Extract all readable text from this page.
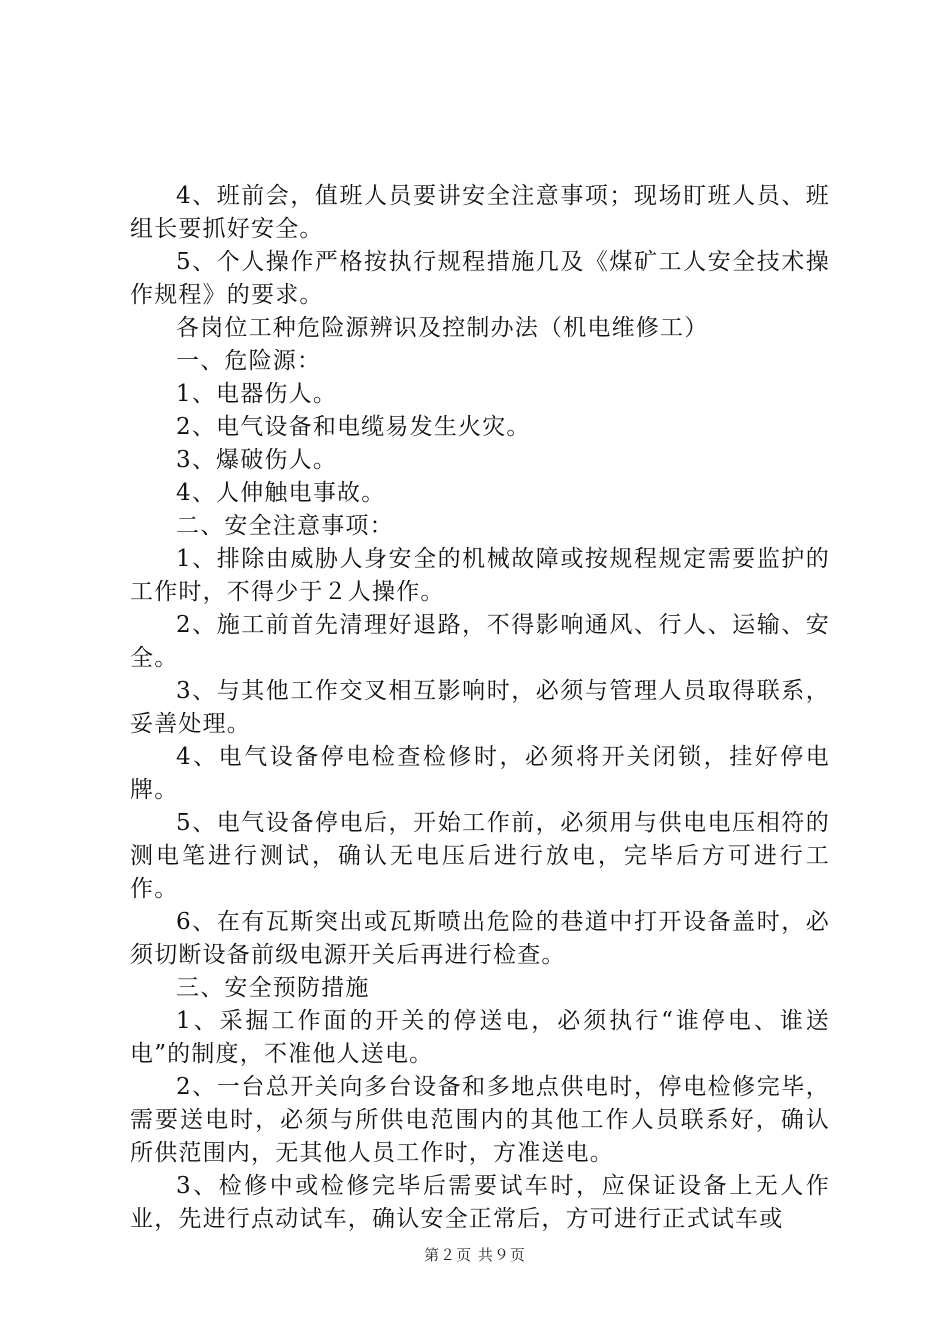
4、班前会，值班人员要讲安全注意事项；现场盯班人员、班组长要抓好安全。

5、个人操作严格按执行规程措施几及《煤矿工人安全技术操作规程》的要求。

各岗位工种危险源辨识及控制办法（机电维修工）

一、危险源：

1、电器伤人。

2、电气设备和电缆易发生火灾。

3、爆破伤人。

4、人伸触电事故。

二、安全注意事项：

1、排除由威胁人身安全的机械故障或按规程规定需要监护的工作时，不得少于２人操作。

2、施工前首先清理好退路，不得影响通风、行人、运输、安全。

3、与其他工作交叉相互影响时，必须与管理人员取得联系，妥善处理。

4、电气设备停电检查检修时，必须将开关闭锁，挂好停电牌。

5、电气设备停电后，开始工作前，必须用与供电电压相符的测电笔进行测试，确认无电压后进行放电，完毕后方可进行工作。

6、在有瓦斯突出或瓦斯喷出危险的巷道中打开设备盖时，必须切断设备前级电源开关后再进行检查。

三、安全预防措施

1、采掘工作面的开关的停送电，必须执行“谁停电、谁送电”的制度，不准他人送电。

2、一台总开关向多台设备和多地点供电时，停电检修完毕，需要送电时，必须与所供电范围内的其他工作人员联系好，确认所供范围内，无其他人员工作时，方准送电。

3、检修中或检修完毕后需要试车时，应保证设备上无人作业，先进行点动试车，确认安全正常后，方可进行正式试车或

第２页 共９页
